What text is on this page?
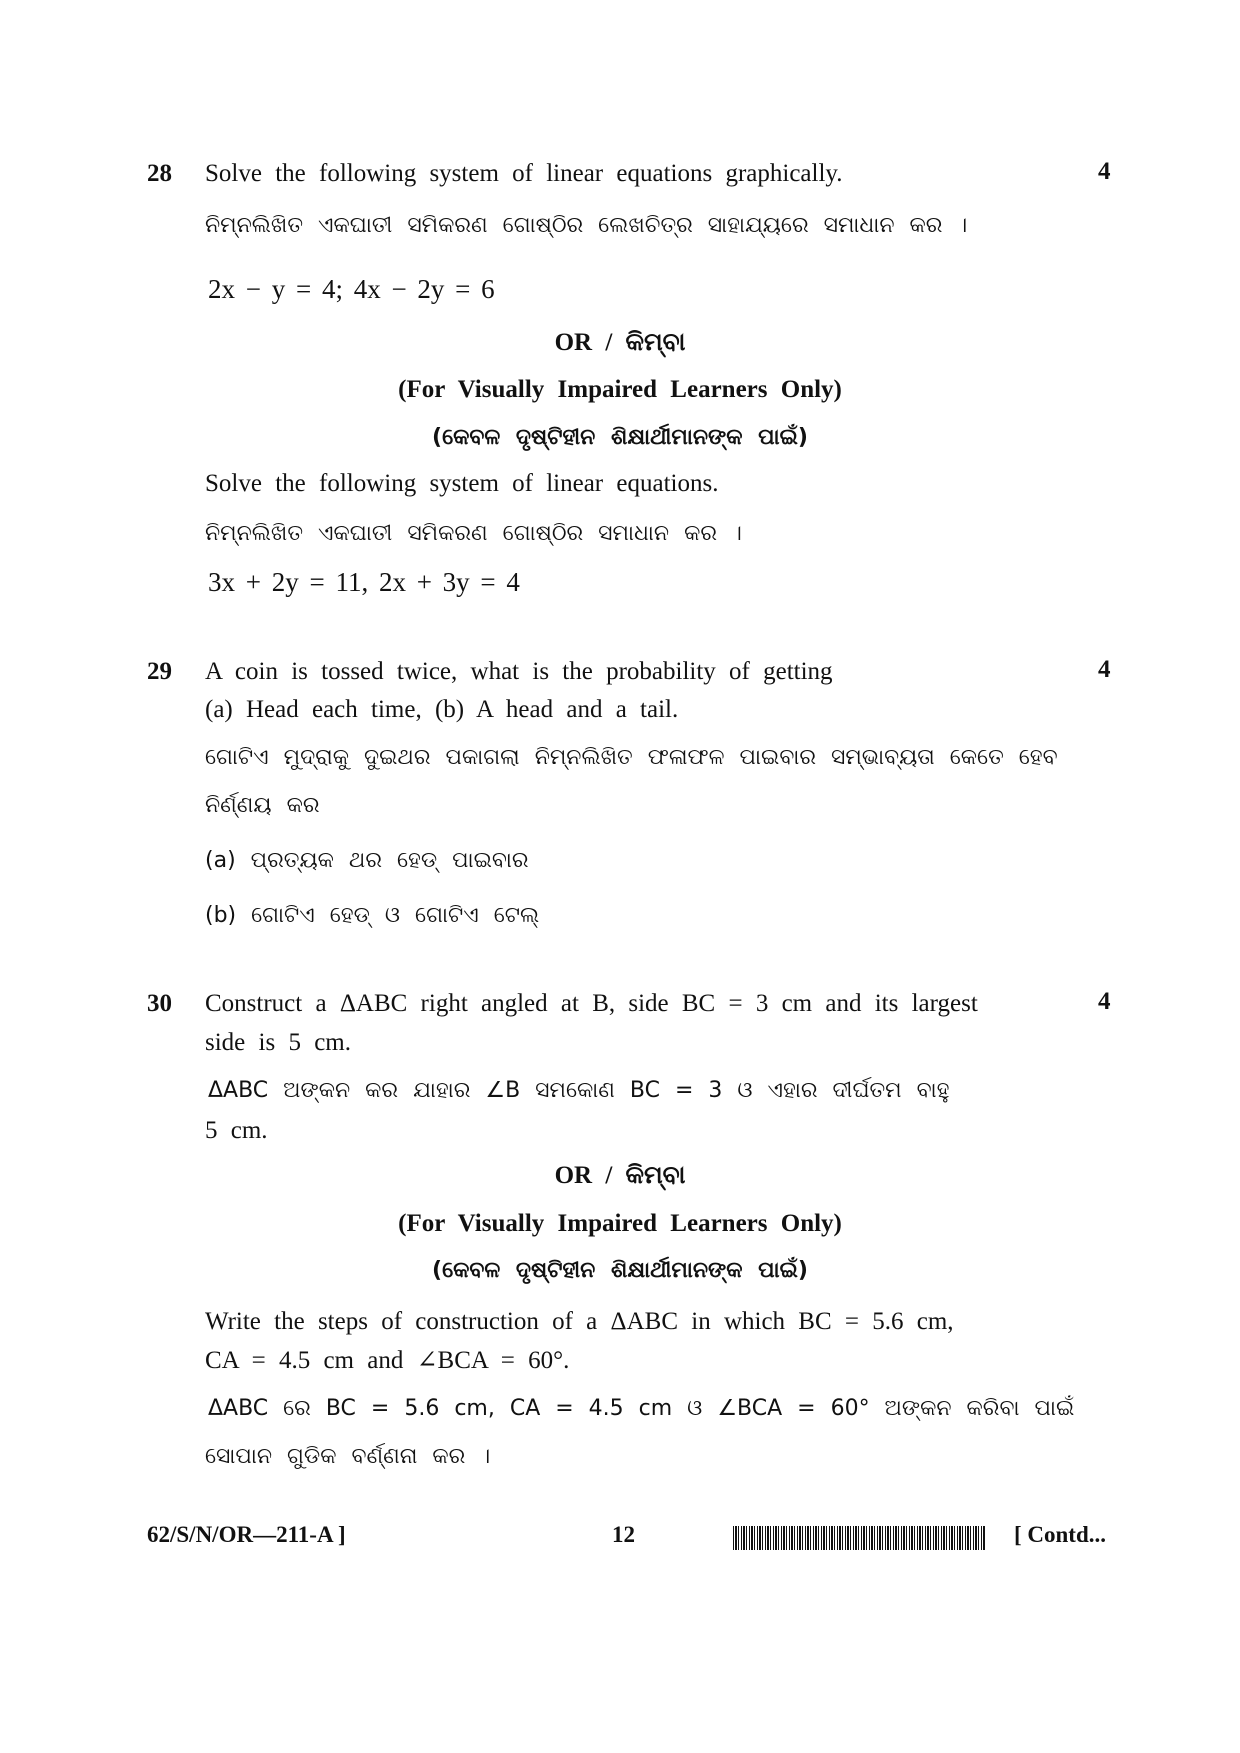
28 Solve the following system of linear equations graphically.	4
ନିମ୍ନଲିଖିତ ଏକଘାତୀ ସମିକରଣ ଗୋଷ୍ଠିର ଲେଖଚିତ୍ର ସାହାଯ୍ୟରେ ସମାଧାନ କର ।
2x − y = 4; 4x − 2y = 6
OR / କିମ୍ବା
(For Visually Impaired Learners Only)
(କେବଳ ଦୃଷ୍ଟିହୀନ ଶିକ୍ଷାର୍ଥୀମାନଙ୍କ ପାଇଁ)
Solve the following system of linear equations.
ନିମ୍ନଲିଖିତ ଏକଘାତୀ ସମିକରଣ ଗୋଷ୍ଠିର ସମାଧାନ କର ।
3x + 2y = 11, 2x + 3y = 4
29 A coin is tossed twice, what is the probability of getting	4
(a) Head each time, (b) A head and a tail.
ଗୋଟିଏ ମୁଦ୍ରାକୁ ଦୁଇଥର ପକାଗଲା ନିମ୍ନଲିଖିତ ଫଳାଫଳ ପାଇବାର ସମ୍ଭାବ୍ୟତା କେତେ ହେବ
ନିର୍ଣ୍ଣୟ କର
(a) ପ୍ରତ୍ୟକ ଥର ହେଡ୍ ପାଇବାର
(b) ଗୋଟିଏ ହେଡ୍ ଓ ଗୋଟିଏ ଟେଲ୍
30 Construct a ΔABC right angled at B, side BC = 3 cm and its largest	4
side is 5 cm.
ΔABC ଅଙ୍କନ କର ଯାହାର ∠B ସମକୋଣ BC = 3 ଓ ଏହାର ଦୀର୍ଘତମ ବାହୁ
5 cm.
OR / କିମ୍ବା
(For Visually Impaired Learners Only)
(କେବଳ ଦୃଷ୍ଟିହୀନ ଶିକ୍ଷାର୍ଥୀମାନଙ୍କ ପାଇଁ)
Write the steps of construction of a ΔABC in which BC = 5.6 cm,
CA = 4.5 cm and ∠BCA = 60°.
ΔABC ରେ BC = 5.6 cm, CA = 4.5 cm ଓ ∠BCA = 60° ଅଙ୍କନ କରିବା ପାଇଁ
ସୋପାନ ଗୁଡିକ ବର୍ଣ୍ଣନା କର ।
62/S/N/OR—211-A ]	12	[ Contd...
